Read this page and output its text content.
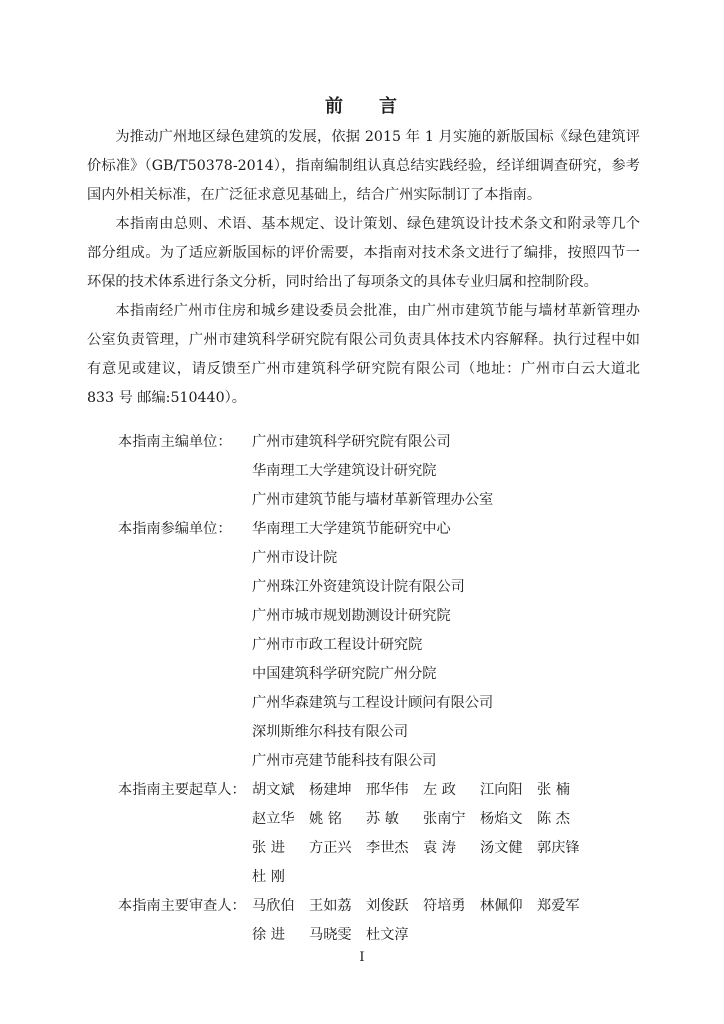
前 言

为推动广州地区绿色建筑的发展，依据 2015 年 1 月实施的新版国标《绿色建筑评价标准》（GB/T50378-2014），指南编制组认真总结实践经验，经详细调查研究，参考国内外相关标准，在广泛征求意见基础上，结合广州实际制订了本指南。

本指南由总则、术语、基本规定、设计策划、绿色建筑设计技术条文和附录等几个部分组成。为了适应新版国标的评价需要，本指南对技术条文进行了编排，按照四节一环保的技术体系进行条文分析，同时给出了每项条文的具体专业归属和控制阶段。

本指南经广州市住房和城乡建设委员会批准，由广州市建筑节能与墙材革新管理办公室负责管理，广州市建筑科学研究院有限公司负责具体技术内容解释。执行过程中如有意见或建议，请反馈至广州市建筑科学研究院有限公司（地址：广州市白云大道北 833 号 邮编:510440）。

本指南主编单位：	广州市建筑科学研究院有限公司
华南理工大学建筑设计研究院
广州市建筑节能与墙材革新管理办公室
本指南参编单位：	华南理工大学建筑节能研究中心
广州市设计院
广州珠江外资建筑设计院有限公司
广州市城市规划勘测设计研究院
广州市市政工程设计研究院
中国建筑科学研究院广州分院
广州华森建筑与工程设计顾问有限公司
深圳斯维尔科技有限公司
广州市亮建节能科技有限公司
本指南主要起草人： 胡文斌	杨建坤	邢华伟	左 政	江向阳	张 楠
赵立华	姚 铭	苏 敏	张南宁	杨焰文	陈 杰
张 进	方正兴	李世杰	袁 涛	汤文健	郭庆锋
杜 刚
本指南主要审查人： 马欣伯	王如荔	刘俊跃	符培勇	林佩仰	郑爱军
徐 进	马晓雯	杜文淳
I
